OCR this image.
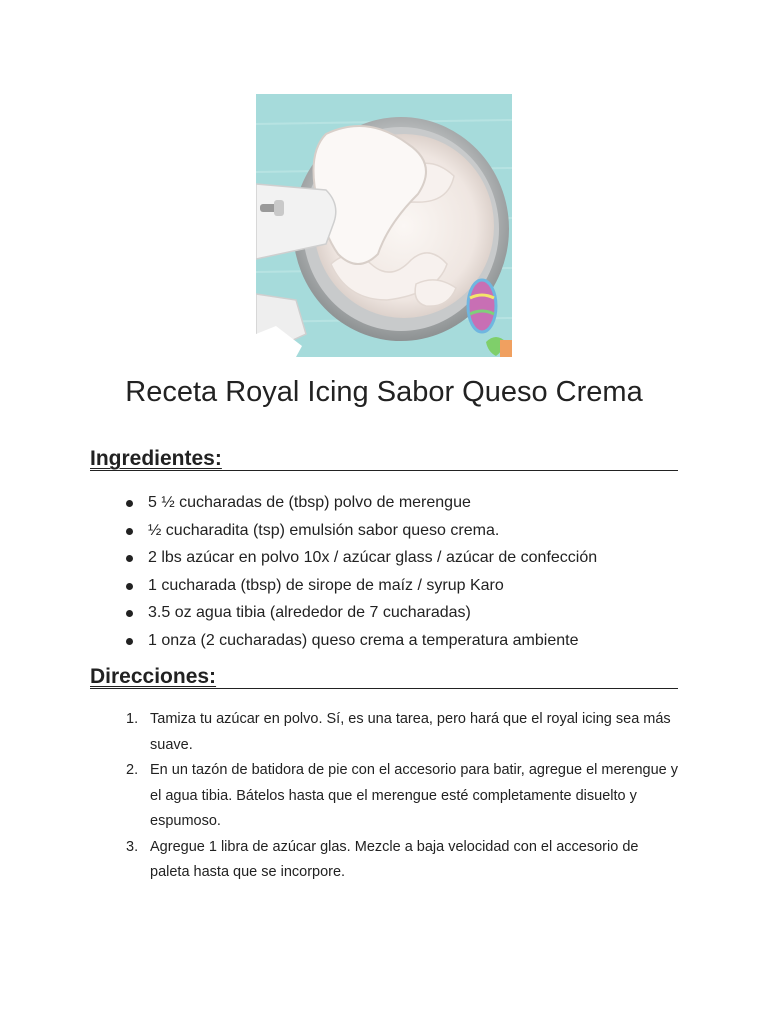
Receta Royal Icing Sabor Queso Crema
Ingredientes:
5 ½ cucharadas de (tbsp) polvo de merengue
½ cucharadita (tsp) emulsión sabor queso crema.
2 lbs azúcar en polvo 10x / azúcar glass / azúcar de confección
1 cucharada (tbsp) de sirope de maíz / syrup Karo
3.5 oz agua tibia (alrededor de 7 cucharadas)
1 onza (2 cucharadas) queso crema a temperatura ambiente
Direcciones:
1. Tamiza tu azúcar en polvo. Sí, es una tarea, pero hará que el royal icing sea más suave.
2. En un tazón de batidora de pie con el accesorio para batir, agregue el merengue y el agua tibia. Bátelos hasta que el merengue esté completamente disuelto y espumoso.
3. Agregue 1 libra de azúcar glas. Mezcle a baja velocidad con el accesorio de paleta hasta que se incorpore.
